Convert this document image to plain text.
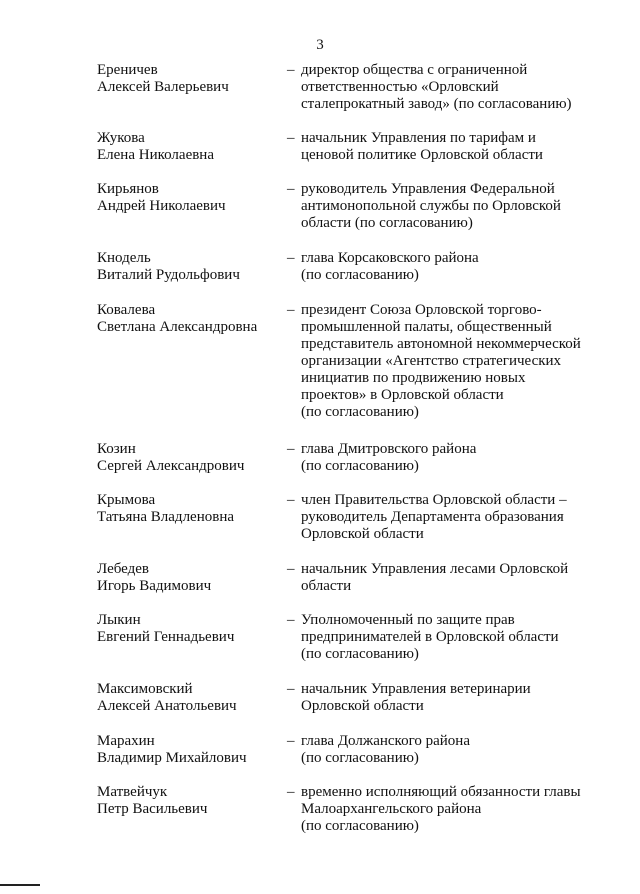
3
Ереничев
Алексей Валерьевич
– директор общества с ограниченной
ответственностью «Орловский
сталепрокатный завод» (по согласованию)
Жукова
Елена Николаевна
– начальник Управления по тарифам и
ценовой политике Орловской области
Кирьянов
Андрей Николаевич
– руководитель Управления Федеральной
антимонопольной службы по Орловской
области (по согласованию)
Кнодель
Виталий Рудольфович
– глава Корсаковского района
(по согласованию)
Ковалева
Светлана Александровна
– президент Союза Орловской торгово-
промышленной палаты, общественный
представитель автономной некоммерческой
организации «Агентство стратегических
инициатив по продвижению новых
проектов» в Орловской области
(по согласованию)
Козин
Сергей Александрович
– глава Дмитровского района
(по согласованию)
Крымова
Татьяна Владленовна
– член Правительства Орловской области –
руководитель Департамента образования
Орловской области
Лебедев
Игорь Вадимович
– начальник Управления лесами Орловской
области
Лыкин
Евгений Геннадьевич
– Уполномоченный по защите прав
предпринимателей в Орловской области
(по согласованию)
Максимовский
Алексей Анатольевич
– начальник Управления ветеринарии
Орловской области
Марахин
Владимир Михайлович
– глава Должанского района
(по согласованию)
Матвейчук
Петр Васильевич
– временно исполняющий обязанности главы
Малоархангельского района
(по согласованию)
